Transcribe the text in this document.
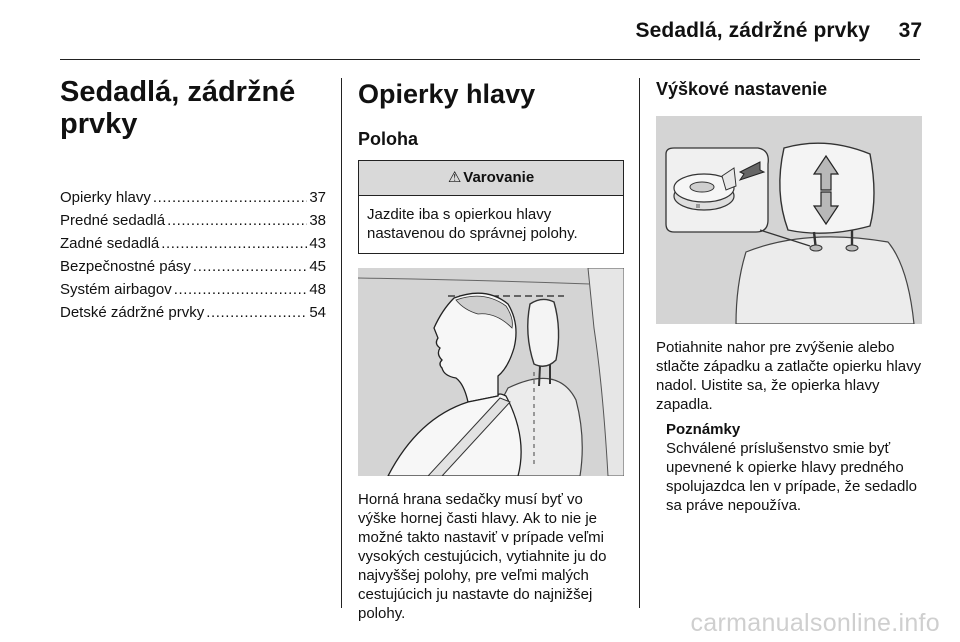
Sedadlá, zádržné prvky 37
Sedadlá, zádržné
prvky
Opierky hlavy .....	37
Predné sedadlá .....	38
Zadné sedadlá .....	43
Bezpečnostné pásy .....	45
Systém airbagov .....	48
Detské zádržné prvky .....	54
Opierky hlavy
Poloha
⚠ Varovanie
Jazdite iba s opierkou hlavy nastavenou do správnej polohy.

Horná hrana sedačky musí byť vo výške hornej časti hlavy. Ak to nie je možné takto nastaviť v prípade veľmi vysokých cestujúcich, vytiahnite ju do najvyššej polohy, pre veľmi malých cestujúcich ju nastavte do najnižšej polohy.

Výškové nastavenie

Potiahnite nahor pre zvýšenie alebo stlačte západku a zatlačte opierku hlavy nadol. Uistite sa, že opierka hlavy zapadla.

Poznámky
Schválené príslušenstvo smie byť upevnené k opierke hlavy predného spolujazdca len v prípade, že sedadlo sa práve nepoužíva.
carmanualsonline.info
